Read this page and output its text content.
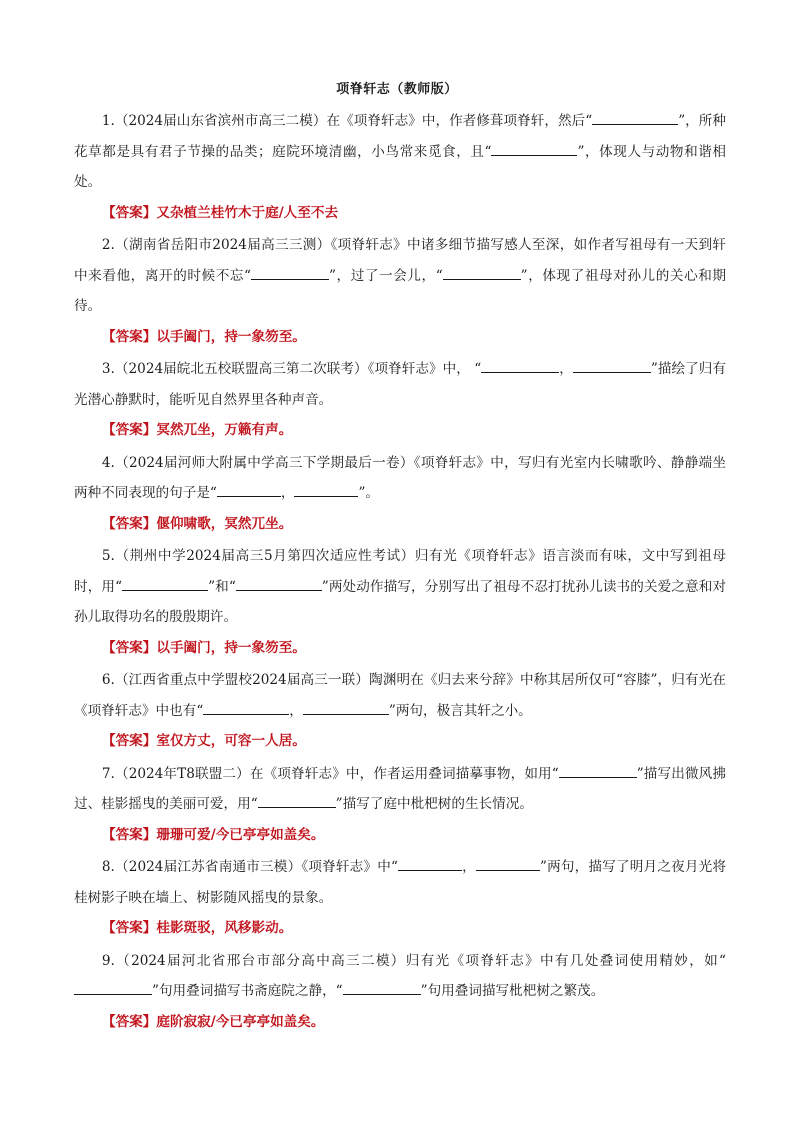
项脊轩志（教师版）

1.（2024届山东省滨州市高三二模）在《项脊轩志》中，作者修葺项脊轩，然后“	”，所种花草都是具有君子节操的品类；庭院环境清幽，小鸟常来觅食，且“	”，体现人与动物和谐相处。

【答案】又杂植兰桂竹木于庭/人至不去

2.（湖南省岳阳市2024届高三三测）《项脊轩志》中诸多细节描写感人至深，如作者写祖母有一天到轩中来看他，离开的时候不忘“	”，过了一会儿，“	”，体现了祖母对孙儿的关心和期待。

【答案】以手阖门，持一象笏至。

3.（2024届皖北五校联盟高三第二次联考）《项脊轩志》中， “	，	”描绘了归有光潜心静默时，能听见自然界里各种声音。

【答案】冥然兀坐，万籁有声。

4.（2024届河师大附属中学高三下学期最后一卷）《项脊轩志》中，写归有光室内长啸歌吟、静静端坐两种不同表现的句子是“	，	”。

【答案】偃仰啸歌，冥然兀坐。

5.（荆州中学2024届高三5月第四次适应性考试）归有光《项脊轩志》语言淡而有味，文中写到祖母时，用“	”和“	”两处动作描写，分别写出了祖母不忍打扰孙儿读书的关爱之意和对孙儿取得功名的殷殷期许。

【答案】以手阖门，持一象笏至。

6.（江西省重点中学盟校2024届高三一联）陶渊明在《归去来兮辞》中称其居所仅可“容膝”，归有光在《项脊轩志》中也有“	，	”两句，极言其轩之小。

【答案】室仅方丈，可容一人居。

7.（2024年T8联盟二）在《项脊轩志》中，作者运用叠词描摹事物，如用“	”描写出微风拂过、桂影摇曳的美丽可爱，用“	”描写了庭中枇杷树的生长情况。

【答案】珊珊可爱/今已亭亭如盖矣。

8.（2024届江苏省南通市三模）《项脊轩志》中“	，	”两句，描写了明月之夜月光将桂树影子映在墙上、树影随风摇曳的景象。

【答案】桂影斑驳，风移影动。

9.（2024届河北省邢台市部分高中高三二模）归有光《项脊轩志》中有几处叠词使用精妙，如“”句用叠词描写书斋庭院之静，“	”句用叠词描写枇杷树之繁茂。

【答案】庭阶寂寂/今已亭亭如盖矣。
